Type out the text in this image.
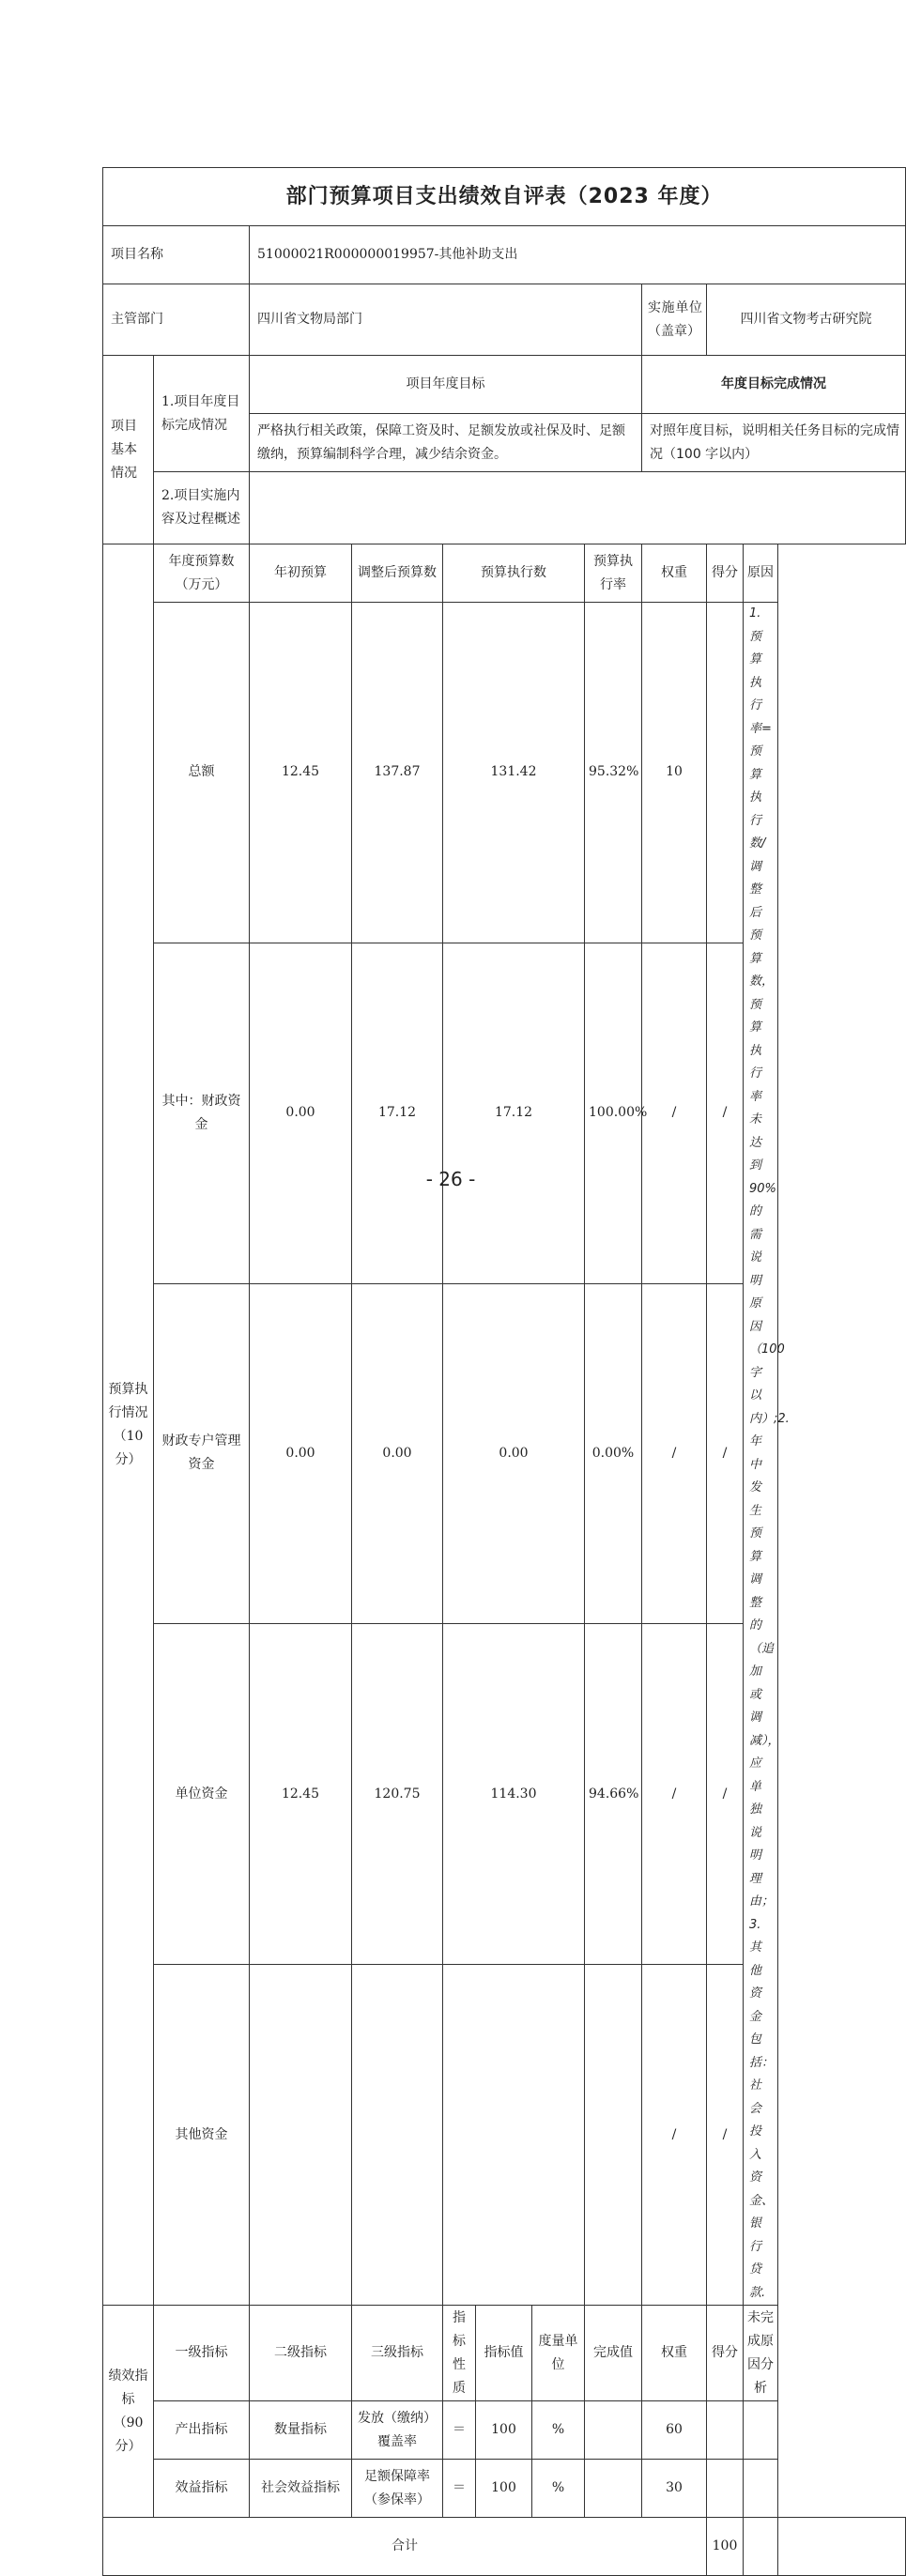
部门预算项目支出绩效自评表（2023 年度）											
项目名称		51000021R000000019957-其他补助支出									
主管部门		四川省文物局部门						实施单位（盖章）	四川省文物考古研究院		
项目基本情况	1.项目年度目标完成情况	项目年度目标						年度目标完成情况			
		严格执行相关政策，保障工资及时、足额发放或社保及时、足额缴纳，预算编制科学合理，减少结余资金。						对照年度目标，说明相关任务目标的完成情况（100 字以内）			
	2.项目实施内容及过程概述										
预算执行情况（10分）	年度预算数（万元）	年初预算	调整后预算数	预算执行数			预算执行率	权重	得分	原因	
	总额	12.45	137.87	131.42			95.32%	10		1.预算执行率=预算执行数/调整后预算数，预算执行率未达到 90%的需说明原因（100 字以内）;2.年中发生预算调整的（追加或调减），应单独说明理由；3.其他资金包括：社会投入资金、银行贷款.	
	其中：财政资金	0.00	17.12	17.12			100.00%	/	/		
	财政专户管理资金	0.00	0.00	0.00			0.00%	/	/		
	单位资金	12.45	120.75	114.30			94.66%	/	/		
	其他资金							/	/		
绩效指标（90分）	一级指标	二级指标	三级指标	指标性质	指标值	度量单位	完成值	权重	得分	未完成原因分析	
	产出指标	数量指标	发放（缴纳）覆盖率	＝	100	%		60			
	效益指标	社会效益指标	足额保障率（参保率）	＝	100	%		30			
合计									100		
- 26 -
